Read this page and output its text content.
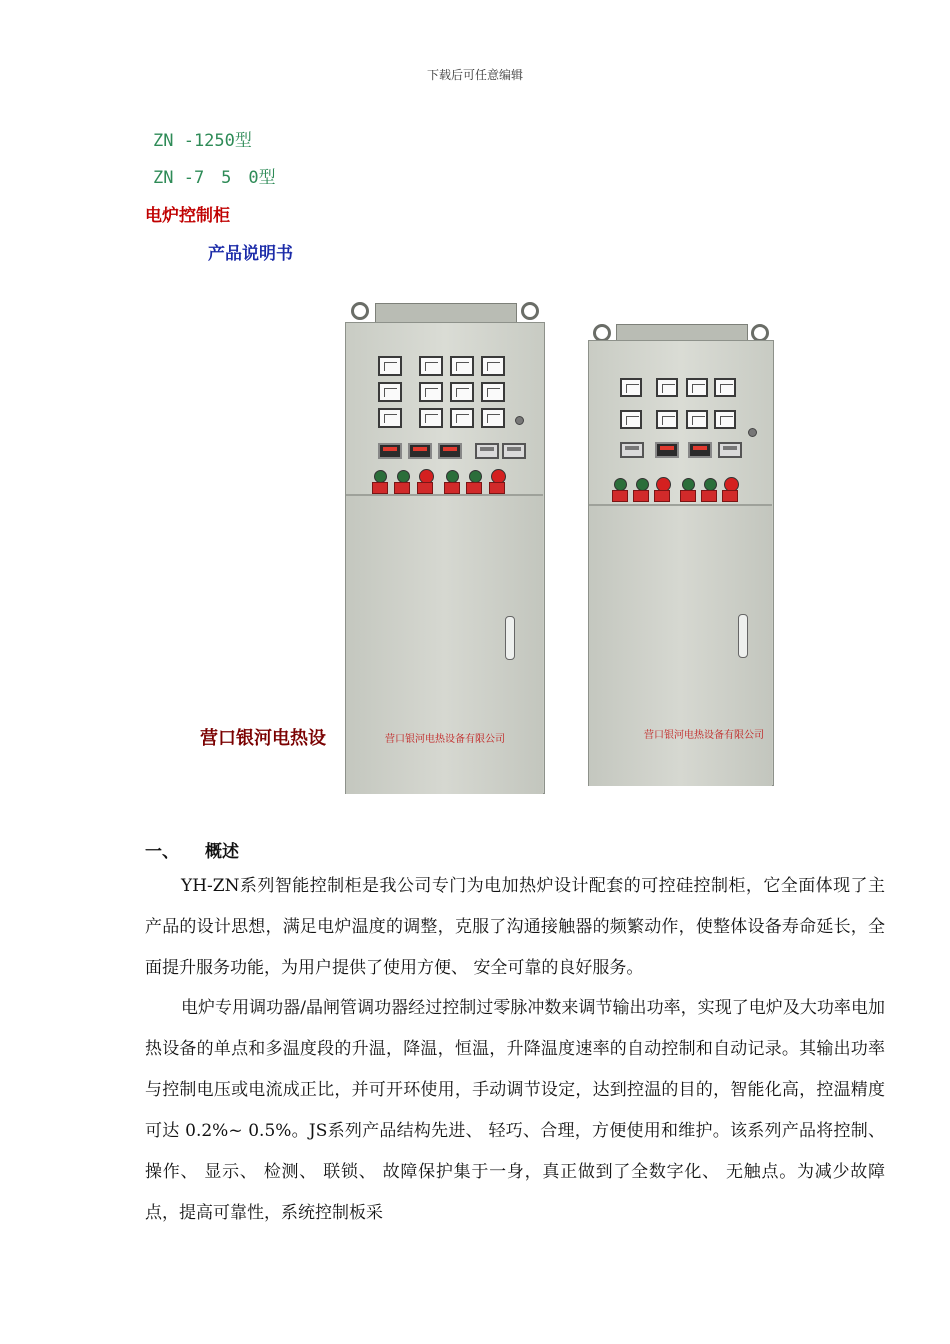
下载后可任意编辑
ZN -1250型
ZN -7　5　0型
电炉控制柜
产品说明书
营口银河电热设	营口银河电热设备有限公司	营口银河电热设备有限公司
一、 概述

YH-ZN系列智能控制柜是我公司专门为电加热炉设计配套的可控硅控制柜，它全面体现了主产品的设计思想，满足电炉温度的调整，克服了沟通接触器的频繁动作，使整体设备寿命延长，全面提升服务功能，为用户提供了使用方便、 安全可靠的良好服务。

电炉专用调功器/晶闸管调功器经过控制过零脉冲数来调节输出功率，实现了电炉及大功率电加热设备的单点和多温度段的升温，降温，恒温，升降温度速率的自动控制和自动记录。其输出功率与控制电压或电流成正比，并可开环使用，手动调节设定，达到控温的目的，智能化高，控温精度可达 0.2%~ 0.5%。JS系列产品结构先进、 轻巧、合理，方便使用和维护。该系列产品将控制、 操作、 显示、 检测、 联锁、 故障保护集于一身，真正做到了全数字化、 无触点。为减少故障点，提高可靠性，系统控制板采
